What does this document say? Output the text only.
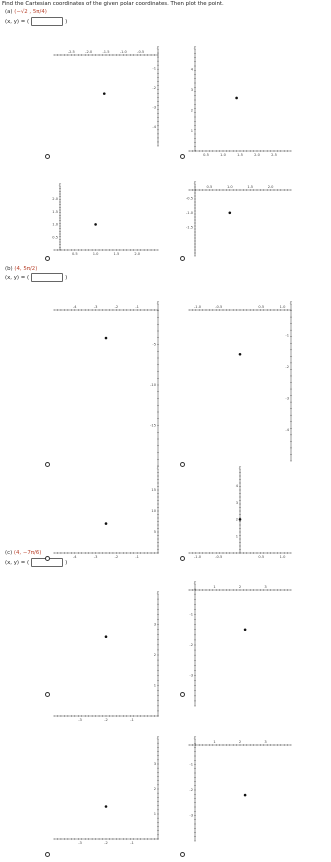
Find the Cartesian coordinates of the given polar coordinates. Then plot the point.
(a) (−√2 , 5π/4)
(x, y) = (	)
(b) (4, 5π/2)
(x, y) = (	)
(c) (4, −7π/6)
(x, y) = (	)
-2.5	-2.0	-1.5	-1.0	-0.5
-1
-2
-3
-4
y
0.5	1.0	1.5	2.0	2.5
1
2
3
4
y
0.5	1.0	1.5	2.0
0.5
1.0
1.5
2.0
y
0.5	1.0	1.5	2.0
-0.5
-1.0
-1.5
y
-4	-3	-2	-1
-5
-10
-15
y
-1.0	-0.5	0.5	1.0
-1
-2
-3
-4
y
-4	-3	-2	-1
5
10
15
y
-1.0	-0.5	0.5	1.0
1
2
3
4
y
-3	-2	-1
1
2
3
y
1	2	3
-1
-2
-3
y
-3	-2	-1
1
2
3
y
1	2	3
-1
-2
-3
y
